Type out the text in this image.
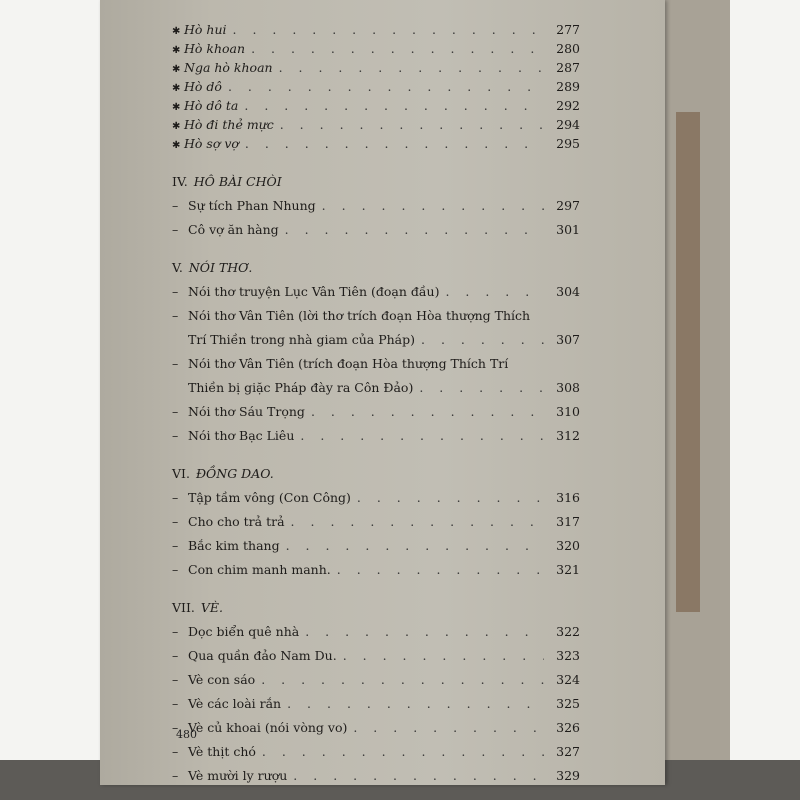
✱ Hò hui . . .	277
✱ Hò khoan . . .	280
✱ Nga hò khoan . . .	287
✱ Hò dô . . .	289
✱ Hò dô ta . . .	292
✱ Hò đi thẻ mực . . .	294
✱ Hò sợ vợ . . .	295
IV. HÔ BÀI CHÒI
– Sự tích Phan Nhung . . .	297
– Cô vợ ăn hàng . . .	301
V. NÓI THƠ.
– Nói thơ truyện Lục Vân Tiên (đoạn đầu) . . .	304
– Nói thơ Vân Tiên (lời thơ trích đoạn Hòa thượng Thích
Trí Thiền trong nhà giam của Pháp) . . .	307
– Nói thơ Vân Tiên (trích đoạn Hòa thượng Thích Trí
Thiền bị giặc Pháp đày ra Côn Đảo) . . .	308
– Nói thơ Sáu Trọng . . .	310
– Nói thơ Bạc Liêu . . .	312
VI. ĐỒNG DAO.
– Tập tầm vông (Con Công) . . .	316
– Cho cho trả trả . . .	317
– Bắc kim thang . . .	320
– Con chim manh manh. . . .	321
VII. VÈ.
– Dọc biển quê nhà . . .	322
– Qua quần đảo Nam Du. . . .	323
– Vè con sáo . . .	324
– Vè các loài rắn . . .	325
– Vè củ khoai (nói vòng vo) . . .	326
– Vè thịt chó . . .	327
– Vè mười ly rượu . . .	329
480
